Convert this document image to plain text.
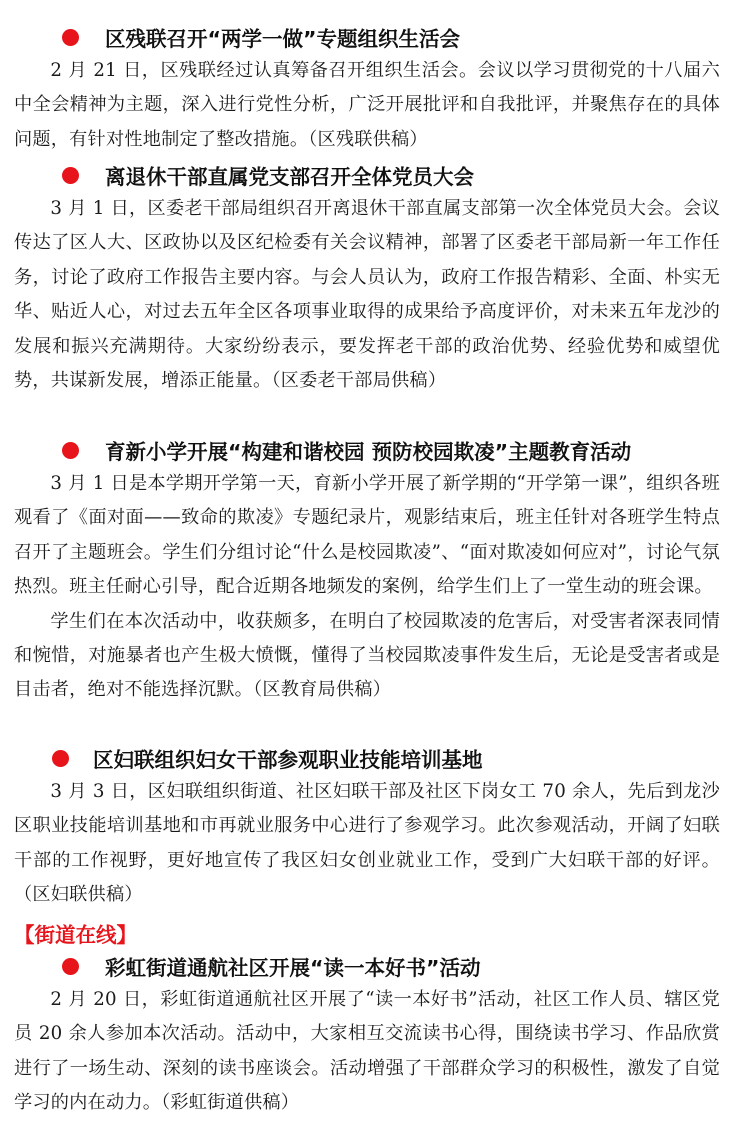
区残联召开“两学一做”专题组织生活会

2 月 21 日，区残联经过认真筹备召开组织生活会。会议以学习贯彻党的十八届六中全会精神为主题，深入进行党性分析，广泛开展批评和自我批评，并聚焦存在的具体问题，有针对性地制定了整改措施。（区残联供稿）

离退休干部直属党支部召开全体党员大会

3 月 1 日，区委老干部局组织召开离退休干部直属支部第一次全体党员大会。会议传达了区人大、区政协以及区纪检委有关会议精神，部署了区委老干部局新一年工作任务，讨论了政府工作报告主要内容。与会人员认为，政府工作报告精彩、全面、朴实无华、贴近人心，对过去五年全区各项事业取得的成果给予高度评价，对未来五年龙沙的发展和振兴充满期待。大家纷纷表示，要发挥老干部的政治优势、经验优势和威望优势，共谋新发展，增添正能量。（区委老干部局供稿）

育新小学开展“构建和谐校园 预防校园欺凌”主题教育活动

3 月 1 日是本学期开学第一天，育新小学开展了新学期的“开学第一课”，组织各班观看了《面对面——致命的欺凌》专题纪录片，观影结束后，班主任针对各班学生特点召开了主题班会。学生们分组讨论“什么是校园欺凌”、“面对欺凌如何应对”，讨论气氛热烈。班主任耐心引导，配合近期各地频发的案例，给学生们上了一堂生动的班会课。

学生们在本次活动中，收获颇多，在明白了校园欺凌的危害后，对受害者深表同情和惋惜，对施暴者也产生极大愤慨，懂得了当校园欺凌事件发生后，无论是受害者或是目击者，绝对不能选择沉默。（区教育局供稿）

区妇联组织妇女干部参观职业技能培训基地

3 月 3 日，区妇联组织街道、社区妇联干部及社区下岗女工 70 余人，先后到龙沙区职业技能培训基地和市再就业服务中心进行了参观学习。此次参观活动，开阔了妇联干部的工作视野，更好地宣传了我区妇女创业就业工作，受到广大妇联干部的好评。（区妇联供稿）

【街道在线】
彩虹街道通航社区开展“读一本好书”活动

2 月 20 日，彩虹街道通航社区开展了“读一本好书”活动，社区工作人员、辖区党员 20 余人参加本次活动。活动中，大家相互交流读书心得，围绕读书学习、作品欣赏进行了一场生动、深刻的读书座谈会。活动增强了干部群众学习的积极性，激发了自觉学习的内在动力。（彩虹街道供稿）
